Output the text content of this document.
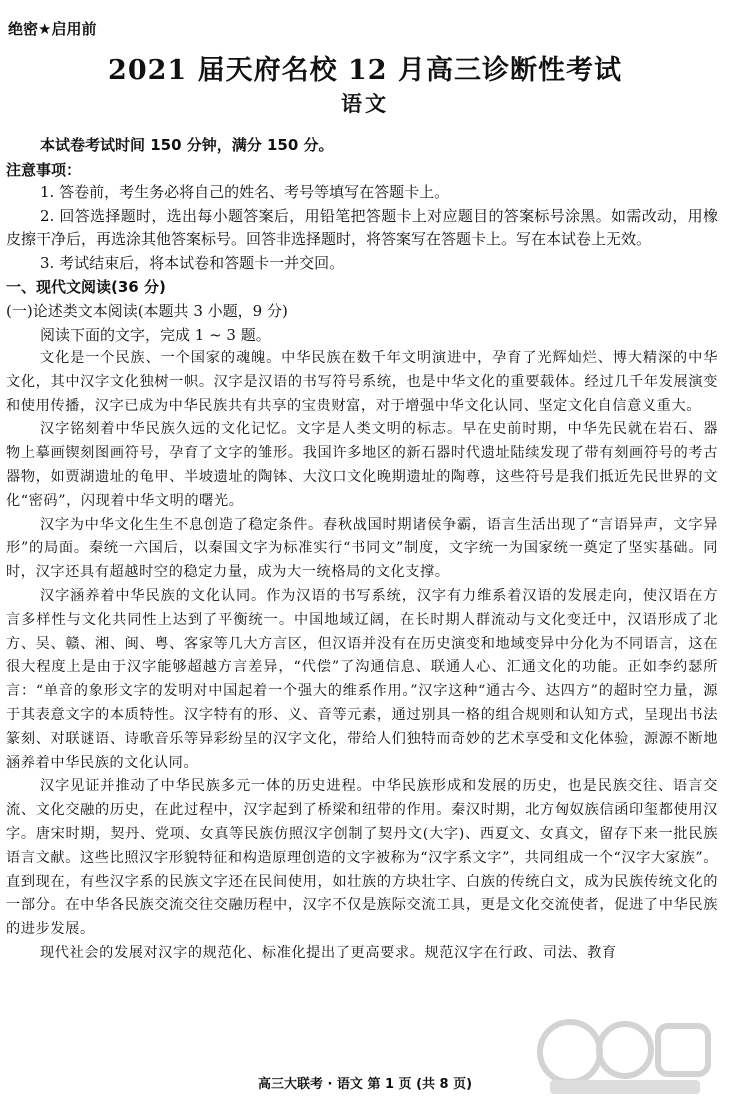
绝密★启用前
2021 届天府名校 12 月高三诊断性考试
语文
本试卷考试时间 150 分钟，满分 150 分。
注意事项：

1. 答卷前，考生务必将自己的姓名、考号等填写在答题卡上。

2. 回答选择题时，选出每小题答案后，用铅笔把答题卡上对应题目的答案标号涂黑。如需改动，用橡皮擦干净后，再选涂其他答案标号。回答非选择题时，将答案写在答题卡上。写在本试卷上无效。

3. 考试结束后，将本试卷和答题卡一并交回。

一、现代文阅读(36 分)
(一)论述类文本阅读(本题共 3 小题，9 分)

阅读下面的文字，完成 1 ~ 3 题。

文化是一个民族、一个国家的魂魄。中华民族在数千年文明演进中，孕育了光辉灿烂、博大精深的中华文化，其中汉字文化独树一帜。汉字是汉语的书写符号系统，也是中华文化的重要载体。经过几千年发展演变和使用传播，汉字已成为中华民族共有共享的宝贵财富，对于增强中华文化认同、坚定文化自信意义重大。

汉字铭刻着中华民族久远的文化记忆。文字是人类文明的标志。早在史前时期，中华先民就在岩石、器物上摹画锲刻图画符号，孕育了文字的雏形。我国许多地区的新石器时代遗址陆续发现了带有刻画符号的考古器物，如贾湖遗址的龟甲、半坡遗址的陶钵、大汶口文化晚期遗址的陶尊，这些符号是我们抵近先民世界的文化“密码”，闪现着中华文明的曙光。

汉字为中华文化生生不息创造了稳定条件。春秋战国时期诸侯争霸，语言生活出现了“言语异声，文字异形”的局面。秦统一六国后，以秦国文字为标准实行“书同文”制度，文字统一为国家统一奠定了坚实基础。同时，汉字还具有超越时空的稳定力量，成为大一统格局的文化支撑。

汉字涵养着中华民族的文化认同。作为汉语的书写系统，汉字有力维系着汉语的发展走向，使汉语在方言多样性与文化共同性上达到了平衡统一。中国地域辽阔，在长时期人群流动与文化变迁中，汉语形成了北方、吴、赣、湘、闽、粤、客家等几大方言区，但汉语并没有在历史演变和地域变异中分化为不同语言，这在很大程度上是由于汉字能够超越方言差异，“代偿”了沟通信息、联通人心、汇通文化的功能。正如李约瑟所言：“单音的象形文字的发明对中国起着一个强大的维系作用。”汉字这种“通古今、达四方”的超时空力量，源于其表意文字的本质特性。汉字特有的形、义、音等元素，通过别具一格的组合规则和认知方式，呈现出书法篆刻、对联谜语、诗歌音乐等异彩纷呈的汉字文化，带给人们独特而奇妙的艺术享受和文化体验，源源不断地涵养着中华民族的文化认同。

汉字见证并推动了中华民族多元一体的历史进程。中华民族形成和发展的历史，也是民族交往、语言交流、文化交融的历史，在此过程中，汉字起到了桥梁和纽带的作用。秦汉时期，北方匈奴族信函印玺都使用汉字。唐宋时期，契丹、党项、女真等民族仿照汉字创制了契丹文(大字)、西夏文、女真文，留存下来一批民族语言文献。这些比照汉字形貌特征和构造原理创造的文字被称为“汉字系文字”，共同组成一个“汉字大家族”。直到现在，有些汉字系的民族文字还在民间使用，如壮族的方块壮字、白族的传统白文，成为民族传统文化的一部分。在中华各民族交流交往交融历程中，汉字不仅是族际交流工具，更是文化交流使者，促进了中华民族的进步发展。

现代社会的发展对汉字的规范化、标准化提出了更高要求。规范汉字在行政、司法、教育

高三大联考 · 语文 第 1 页 (共 8 页)
